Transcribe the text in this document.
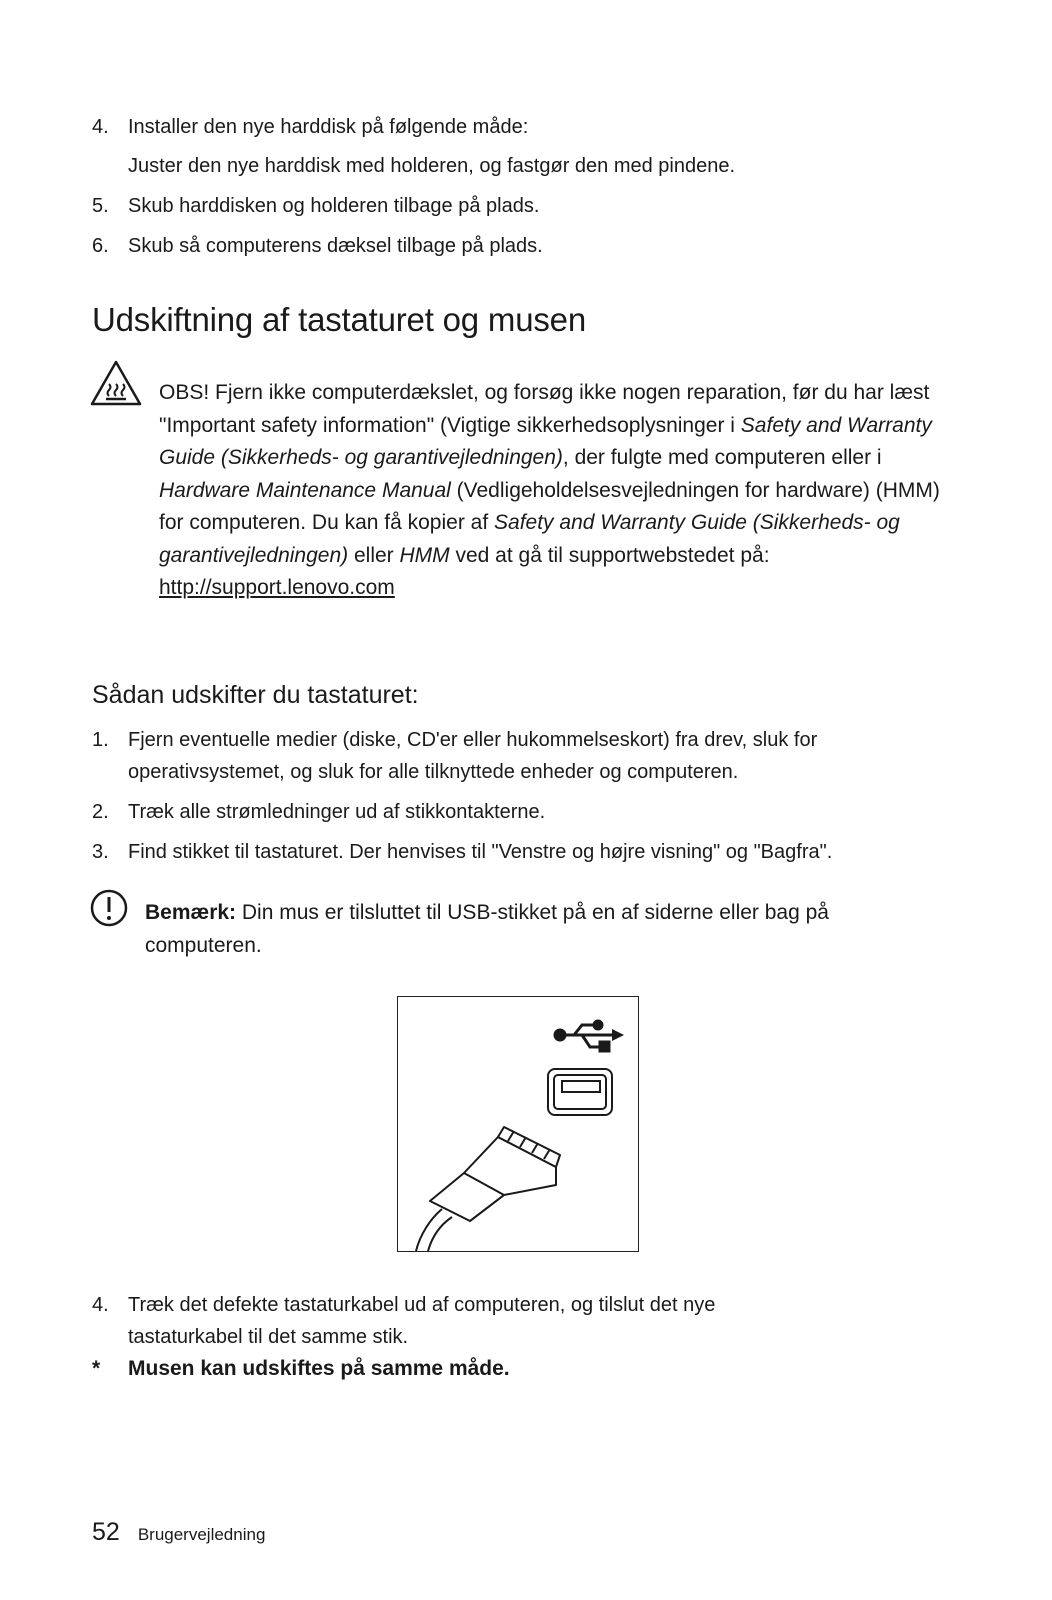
4. Installer den nye harddisk på følgende måde:
Juster den nye harddisk med holderen, og fastgør den med pindene.
5. Skub harddisken og holderen tilbage på plads.
6. Skub så computerens dæksel tilbage på plads.
Udskiftning af tastaturet og musen
OBS! Fjern ikke computerdækslet, og forsøg ikke nogen reparation, før du har læst "Important safety information" (Vigtige sikkerhedsoplysninger i Safety and Warranty Guide (Sikkerheds- og garantivejledningen), der fulgte med computeren eller i Hardware Maintenance Manual (Vedligeholdelsesvejledningen for hardware) (HMM) for computeren. Du kan få kopier af Safety and Warranty Guide (Sikkerheds- og garantivejledningen) eller HMM ved at gå til supportwebstedet på: http://support.lenovo.com
Sådan udskifter du tastaturet:
1. Fjern eventuelle medier (diske, CD'er eller hukommelseskort) fra drev, sluk for operativsystemet, og sluk for alle tilknyttede enheder og computeren.
2. Træk alle strømledninger ud af stikkontakterne.
3. Find stikket til tastaturet. Der henvises til "Venstre og højre visning" og "Bagfra".
Bemærk: Din mus er tilsluttet til USB-stikket på en af siderne eller bag på computeren.
4. Træk det defekte tastaturkabel ud af computeren, og tilslut det nye tastaturkabel til det samme stik.
* Musen kan udskiftes på samme måde.
52 Brugervejledning
